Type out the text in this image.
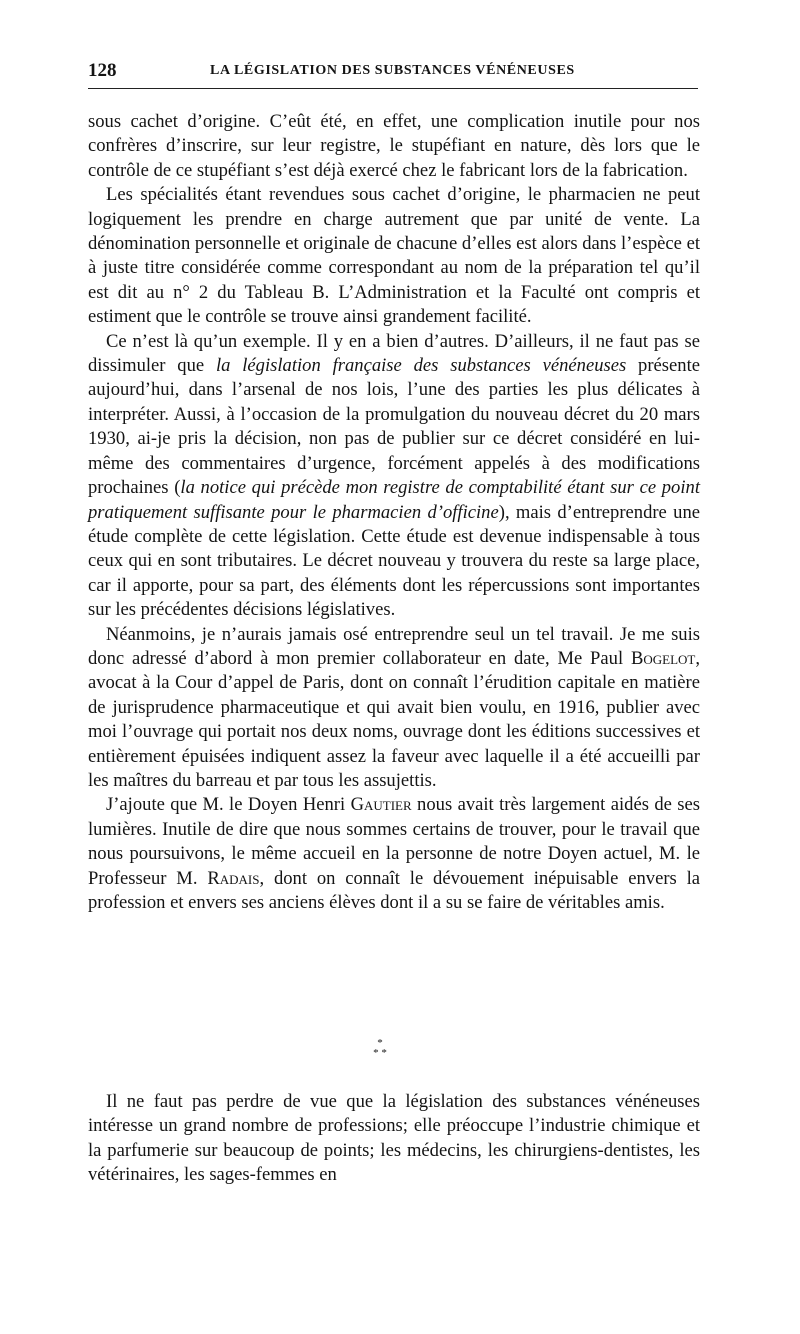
128	LA LÉGISLATION DES SUBSTANCES VÉNÉNEUSES

sous cachet d’origine. C’eût été, en effet, une complication inutile pour nos confrères d’inscrire, sur leur registre, le stupéfiant en nature, dès lors que le contrôle de ce stupéfiant s’est déjà exercé chez le fabricant lors de la fabrication.

Les spécialités étant revendues sous cachet d’origine, le pharmacien ne peut logiquement les prendre en charge autrement que par unité de vente. La dénomination personnelle et originale de chacune d’elles est alors dans l’espèce et à juste titre considérée comme correspondant au nom de la préparation tel qu’il est dit au n° 2 du Tableau B. L’Administration et la Faculté ont compris et estiment que le contrôle se trouve ainsi grandement facilité.

Ce n’est là qu’un exemple. Il y en a bien d’autres. D’ailleurs, il ne faut pas se dissimuler que la législation française des substances vénéneuses présente aujourd’hui, dans l’arsenal de nos lois, l’une des parties les plus délicates à interpréter. Aussi, à l’occasion de la promulgation du nouveau décret du 20 mars 1930, ai-je pris la décision, non pas de publier sur ce décret considéré en lui-même des commentaires d’urgence, forcément appelés à des modifications prochaines (la notice qui précède mon registre de comptabilité étant sur ce point pratiquement suffisante pour le pharmacien d’officine), mais d’entreprendre une étude complète de cette législation. Cette étude est devenue indispensable à tous ceux qui en sont tributaires. Le décret nouveau y trouvera du reste sa large place, car il apporte, pour sa part, des éléments dont les répercussions sont importantes sur les précédentes décisions législatives.

Néanmoins, je n’aurais jamais osé entreprendre seul un tel travail. Je me suis donc adressé d’abord à mon premier collaborateur en date, Me Paul Bogelot, avocat à la Cour d’appel de Paris, dont on connaît l’érudition capitale en matière de jurisprudence pharmaceutique et qui avait bien voulu, en 1916, publier avec moi l’ouvrage qui portait nos deux noms, ouvrage dont les éditions successives et entièrement épuisées indiquent assez la faveur avec laquelle il a été accueilli par les maîtres du barreau et par tous les assujettis.

J’ajoute que M. le Doyen Henri Gautier nous avait très largement aidés de ses lumières. Inutile de dire que nous sommes certains de trouver, pour le travail que nous poursuivons, le même accueil en la personne de notre Doyen actuel, M. le Professeur M. Radais, dont on connaît le dévouement inépuisable envers la profession et envers ses anciens élèves dont il a su se faire de véritables amis.

*
* *

Il ne faut pas perdre de vue que la législation des substances vénéneuses intéresse un grand nombre de professions; elle préoccupe l’industrie chimique et la parfumerie sur beaucoup de points; les médecins, les chirurgiens-dentistes, les vétérinaires, les sages-femmes en
